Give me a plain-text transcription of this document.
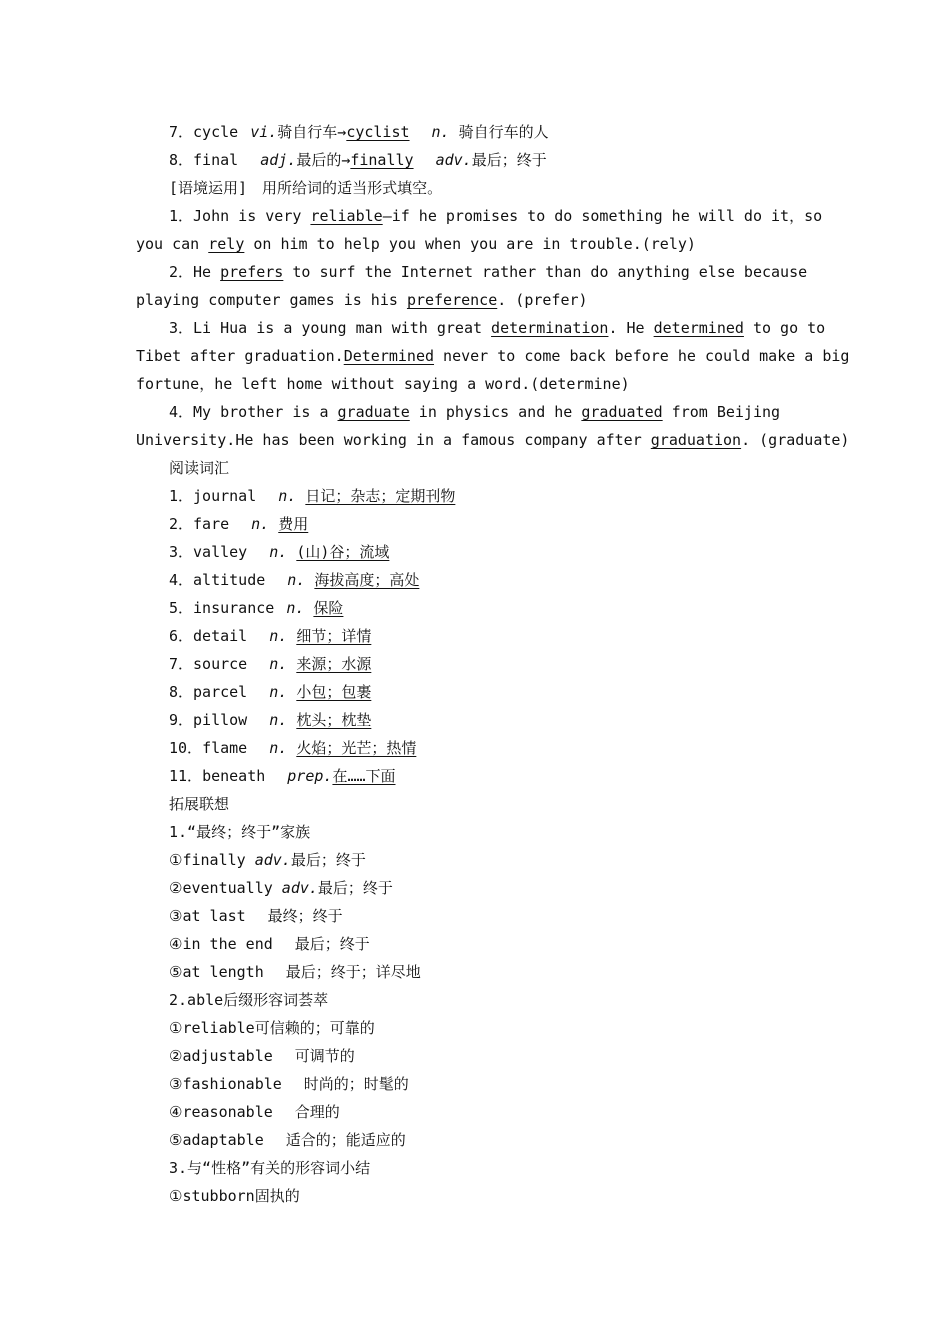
7．cycle vi.骑自行车→cyclist n. 骑自行车的人
8．final adj.最后的→finally adv.最后；终于
[语境运用]　用所给词的适当形式填空。
1．John is very reliable—if he promises to do something he will do it，so
you can rely on him to help you when you are in trouble.(rely)
2．He prefers to surf the Internet rather than do anything else because
playing computer games is his preference. (prefer)
3．Li Hua is a young man with great determination. He determined to go to
Tibet after graduation.Determined never to come back before he could make a big
fortune，he left home without saying a word.(determine)
4．My brother is a graduate in physics and he graduated from Beijing
University.He has been working in a famous company after graduation. (graduate)
阅读词汇
1．journal n. 日记；杂志；定期刊物
2．fare n. 费用
3．valley n. (山)谷；流域
4．altitude n. 海拔高度；高处
5．insurance n. 保险
6．detail n. 细节；详情
7．source n. 来源；水源
8．parcel n. 小包；包裹
9．pillow n. 枕头；枕垫
10．flame n. 火焰；光芒；热情
11．beneath prep.在……下面
拓展联想
1.“最终；终于”家族
①finally adv.最后；终于
②eventually adv.最后；终于
③at last 最终；终于
④in the end 最后；终于
⑤at length 最后；终于；详尽地
2.able后缀形容词荟萃
①reliable可信赖的；可靠的
②adjustable 可调节的
③fashionable 时尚的；时髦的
④reasonable 合理的
⑤adaptable 适合的；能适应的
3.与“性格”有关的形容词小结
①stubborn固执的
